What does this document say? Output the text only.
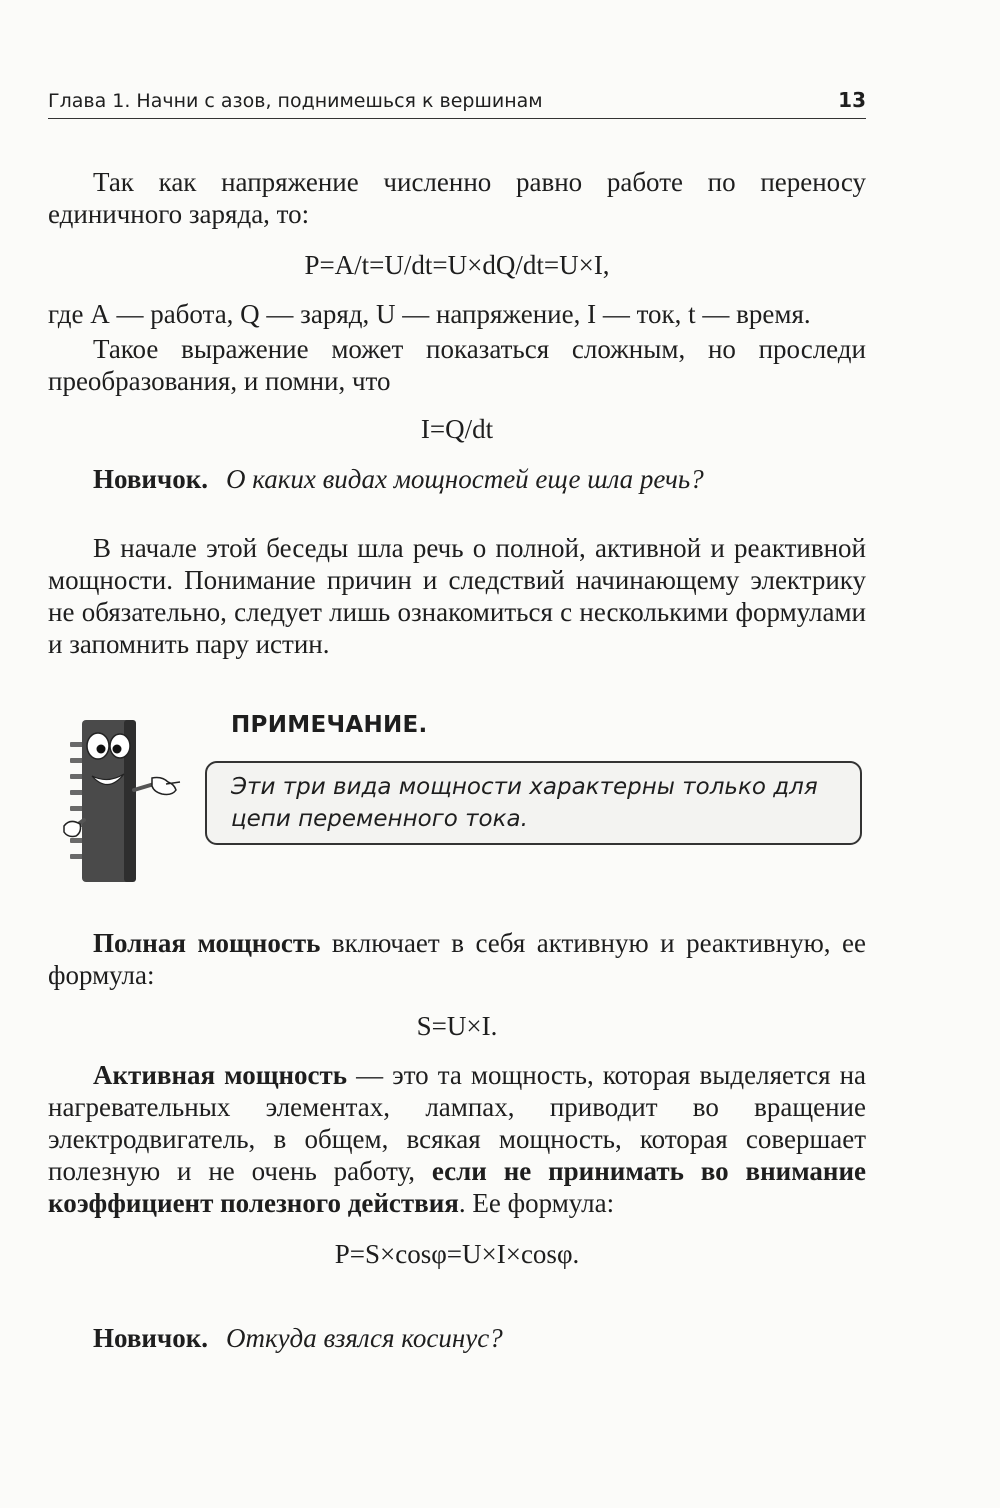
Глава 1. Начни с азов, поднимешься к вершинам	13

Так как напряжение численно равно работе по переносу единичного заряда, то:

P=A/t=U/dt=U×dQ/dt=U×I,

где А — работа, Q — заряд, U — напряжение, I — ток, t — время.

Такое выражение может показаться сложным, но проследи преобразования, и помни, что

I=Q/dt

Новичок. О каких видах мощностей еще шла речь?

В начале этой беседы шла речь о полной, активной и реактивной мощности. Понимание причин и следствий начинающему электрику не обязательно, следует лишь ознакомиться с несколькими формулами и запомнить пару истин.

ПРИМЕЧАНИЕ.
Эти три вида мощности характерны только для цепи переменного тока.

Полная мощность включает в себя активную и реактивную, ее формула:

S=U×I.

Активная мощность — это та мощность, которая выделяется на нагревательных элементах, лампах, приводит во вращение электродвигатель, в общем, всякая мощность, которая совершает полезную и не очень работу, если не принимать во внимание коэффициент полезного действия. Ее формула:

P=S×cosφ=U×I×cosφ.

Новичок. Откуда взялся косинус?
